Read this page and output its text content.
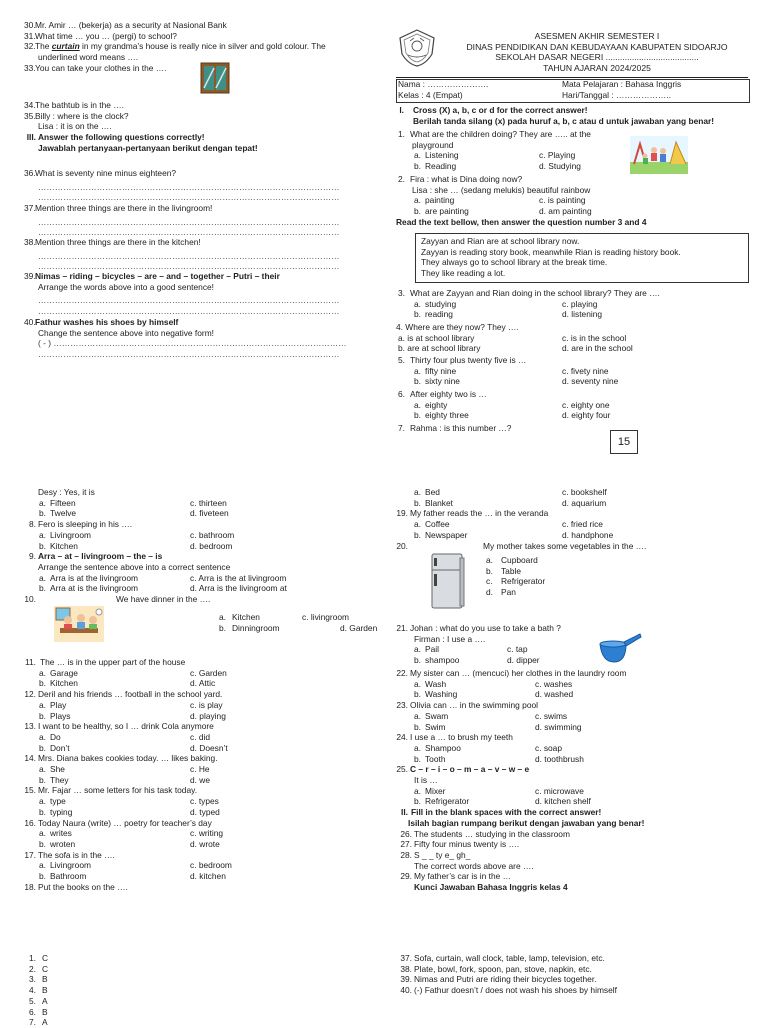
30. Mr. Amir … (bekerja) as a security at Nasional Bank
31. What time … you … (pergi) to school?
32. The curtain in my grandma’s house is really nice in silver and gold colour. The
underlined word means ….
33. You can take your clothes in the ….
34. The bathtub is in the ….
35. Billy : where is the clock?
Lisa : it is on the ….
III. Answer the following questions correctly!
Jawablah pertanyaan-pertanyaan berikut dengan tepat!
36. What is seventy nine minus eighteen?
………………………………………………………………………………………………
………………………………………………………………………………………………
37. Mention three things are there in the livingroom!
………………………………………………………………………………………………
………………………………………………………………………………………………
38. Mention three things are there in the kitchen!
………………………………………………………………………………………………
………………………………………………………………………………………………
39. Nimas – riding – bicycles – are – and – together – Putri – their
Arrange the words above into a good sentence!
………………………………………………………………………………………………
………………………………………………………………………………………………
40. Fathur washes his shoes by himself
Change the sentence above into negative form!
( - ) ……………………………………………………………………………………………
………………………………………………………………………………………………
ASESMEN AKHIR SEMESTER I
DINAS PENDIDIKAN DAN KEBUDAYAAN KABUPATEN SIDOARJO
SEKOLAH DASAR NEGERI .......................................
TAHUN AJARAN 2024/2025
Nama : ………………….
Kelas : 4 (Empat)
Mata Pelajaran : Bahasa Inggris
Hari/Tanggal : ………………..
I.	Cross (X) a, b, c or d for the correct answer!
Berilah tanda silang (x) pada huruf a, b, c atau d untuk jawaban yang benar!
1. What are the children doing? They are ….. at the
playground
a. Listening	c. Playing
b. Reading	d. Studying
2. Fira : what is Dina doing now?
Lisa : she … (sedang melukis) beautiful rainbow
a. painting	c. is painting
b. are painting	d. am painting
Read the text bellow, then answer the question number 3 and 4
Zayyan and Rian are at school library now.
Zayyan is reading story book, meanwhile Rian is reading history book.
They always go to school library at the break time.
They like reading a lot.
3. What are Zayyan and Rian doing in the school library? They are ….
a. studying	c. playing
b. reading	d. listening
4. Where are they now? They ….
a. is at school library	c. is in the school
b. are at school library	d. are in the school
5. Thirty four plus twenty five is …
a. fifty nine	c. fivety nine
b. sixty nine	d. seventy nine
6. After eighty two is …
a. eighty	c. eighty one
b. eighty three	d. eighty four
7. Rahma : is this number …?
15
Desy : Yes, it is
a. Fifteen	c. thirteen
b. Twelve	d. fiveteen
8. Fero is sleeping in his ….
a. Livingroom	c. bathroom
b. Kitchen	d. bedroom
9. Arra – at – livingroom – the – is
Arrange the sentence above into a correct sentence
a. Arra is at the livingroom	c. Arra is the at livingroom
b. Arra at is the livingroom	d. Arra is the livingroom at
10.	We have dinner in the ….
a. Kitchen	c. livingroom
b. Dinningroom	d. Garden
11. The … is in the upper part of the house
a. Garage	c. Garden
b. Kitchen	d. Attic
12. Deril and his friends … football in the school yard.
a. Play	c. is play
b. Plays	d. playing
13. I want to be healthy, so I … drink Cola anymore
a. Do	c. did
b. Don’t	d. Doesn’t
14. Mrs. Diana bakes cookies today. … likes baking.
a. She	c. He
b. They	d. we
15. Mr. Fajar … some letters for his task today.
a. type	c. types
b. typing	d. typed
16. Today Naura (write) … poetry for teacher’s day
a. writes	c. writing
b. wroten	d. wrote
17. The sofa is in the ….
a. Livingroom	c. bedroom
b. Bathroom	d. kitchen
18. Put the books on the ….
a. Bed	c. bookshelf
b. Blanket	d. aquarium
19. My father reads the … in the veranda
a. Coffee	c. fried rice
b. Newspaper	d. handphone
20.	My mother takes some vegetables in the ….
a. Cupboard
b. Table
c.	Refrigerator
d. Pan
21. Johan : what do you use to take a bath ?
Firman : I use a ….
a. Pail	c. tap
b. shampoo	d. dipper
22. My sister can … (mencuci) her clothes in the laundry room
a. Wash	c. washes
b. Washing	d. washed
23. Olivia can … in the swimming pool
a. Swam	c. swims
b. Swim	d. swimming
24. I use a … to brush my teeth
a. Shampoo	c. soap
b. Tooth	d. toothbrush
25. C – r – i – o – m – a – v – w – e
It is …
a. Mixer	c. microwave
b. Refrigerator	d. kitchen shelf
II. Fill in the blank spaces with the correct answer!
Isilah bagian rumpang berikut dengan jawaban yang benar!
26. The students … studying in the classroom
27. Fifty four minus twenty is ….
28. S _ _ ty e_ gh_
The correct words above are ….
29. My father’s car is in the …
Kunci Jawaban Bahasa Inggris kelas 4
1. C
2. C
3. B
4. B
5. A
6. B
7. A
37. Sofa, curtain, wall clock, table, lamp, television, etc.
38. Plate, bowl, fork, spoon, pan, stove, napkin, etc.
39. Nimas and Putri are riding their bicycles together.
40. (-) Fathur doesn’t / does not wash his shoes by himself
